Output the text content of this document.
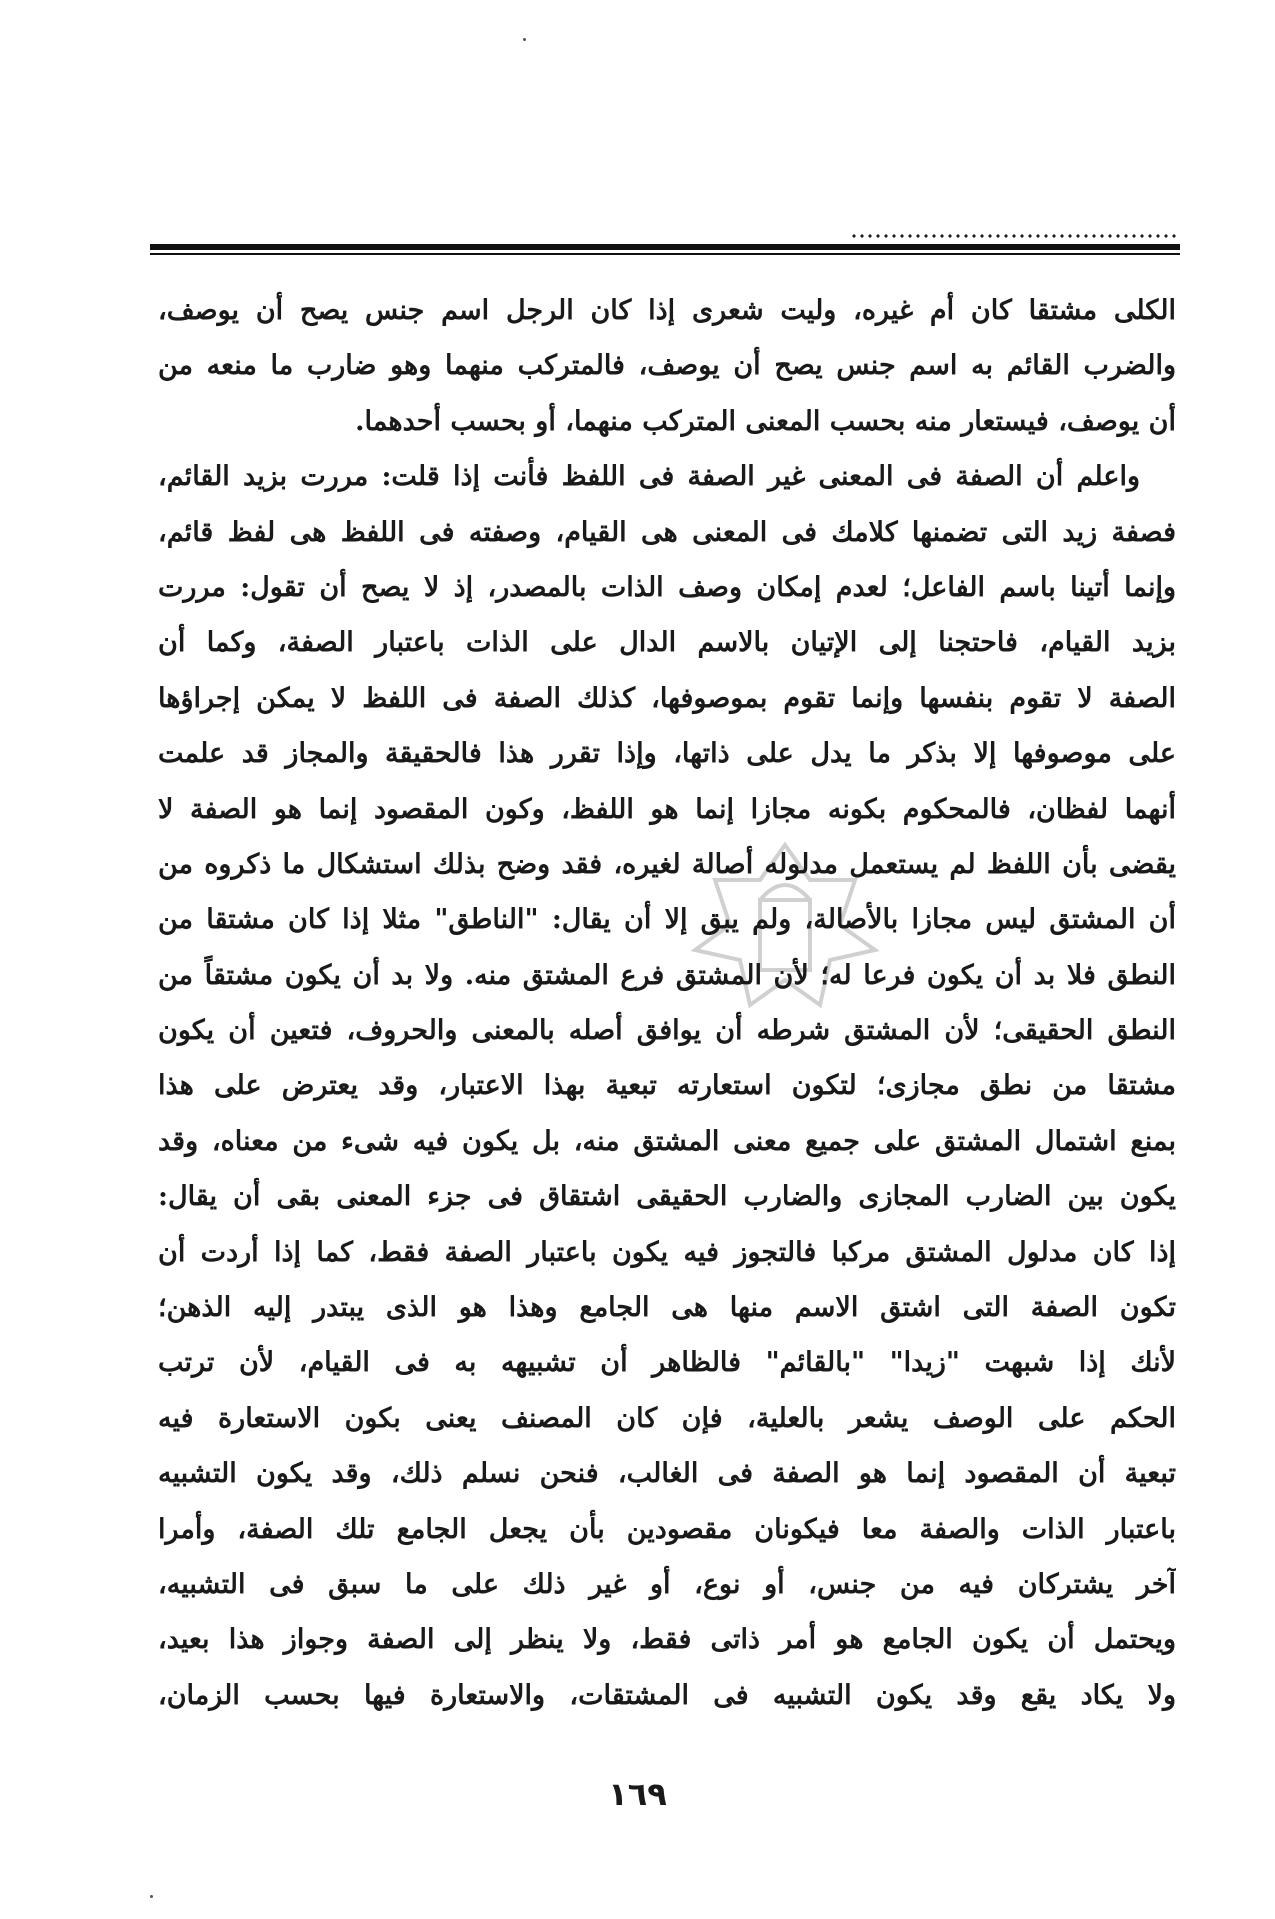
الكلى مشتقا كان أم غيره، وليت شعرى إذا كان الرجل اسم جنس يصح أن يوصف،
والضرب القائم به اسم جنس يصح أن يوصف، فالمتركب منهما وهو ضارب ما منعه من
أن يوصف، فيستعار منه بحسب المعنى المتركب منهما، أو بحسب أحدهما.
واعلم أن الصفة فى المعنى غير الصفة فى اللفظ فأنت إذا قلت: مررت بزيد القائم،
فصفة زيد التى تضمنها كلامك فى المعنى هى القيام، وصفته فى اللفظ هى لفظ قائم،
وإنما أتينا باسم الفاعل؛ لعدم إمكان وصف الذات بالمصدر، إذ لا يصح أن تقول: مررت
بزيد القيام، فاحتجنا إلى الإتيان بالاسم الدال على الذات باعتبار الصفة، وكما أن
الصفة لا تقوم بنفسها وإنما تقوم بموصوفها، كذلك الصفة فى اللفظ لا يمكن إجراؤها
على موصوفها إلا بذكر ما يدل على ذاتها، وإذا تقرر هذا فالحقيقة والمجاز قد علمت
أنهما لفظان، فالمحكوم بكونه مجازا إنما هو اللفظ، وكون المقصود إنما هو الصفة لا
يقضى بأن اللفظ لم يستعمل مدلوله أصالة لغيره، فقد وضح بذلك استشكال ما ذكروه من
أن المشتق ليس مجازا بالأصالة، ولم يبق إلا أن يقال: "الناطق" مثلا إذا كان مشتقا من
النطق فلا بد أن يكون فرعا له؛ لأن المشتق فرع المشتق منه. ولا بد أن يكون مشتقاً من
النطق الحقيقى؛ لأن المشتق شرطه أن يوافق أصله بالمعنى والحروف، فتعين أن يكون
مشتقا من نطق مجازى؛ لتكون استعارته تبعية بهذا الاعتبار، وقد يعترض على هذا
بمنع اشتمال المشتق على جميع معنى المشتق منه، بل يكون فيه شىء من معناه، وقد
يكون بين الضارب المجازى والضارب الحقيقى اشتقاق فى جزء المعنى بقى أن يقال:
إذا كان مدلول المشتق مركبا فالتجوز فيه يكون باعتبار الصفة فقط، كما إذا أردت أن
تكون الصفة التى اشتق الاسم منها هى الجامع وهذا هو الذى يبتدر إليه الذهن؛
لأنك إذا شبهت "زيدا" "بالقائم" فالظاهر أن تشبيهه به فى القيام، لأن ترتب
الحكم على الوصف يشعر بالعلية، فإن كان المصنف يعنى بكون الاستعارة فيه
تبعية أن المقصود إنما هو الصفة فى الغالب، فنحن نسلم ذلك، وقد يكون التشبيه
باعتبار الذات والصفة معا فيكونان مقصودين بأن يجعل الجامع تلك الصفة، وأمرا
آخر يشتركان فيه من جنس، أو نوع، أو غير ذلك على ما سبق فى التشبيه،
ويحتمل أن يكون الجامع هو أمر ذاتى فقط، ولا ينظر إلى الصفة وجواز هذا بعيد،
ولا يكاد يقع وقد يكون التشبيه فى المشتقات، والاستعارة فيها بحسب الزمان،
١٦٩
